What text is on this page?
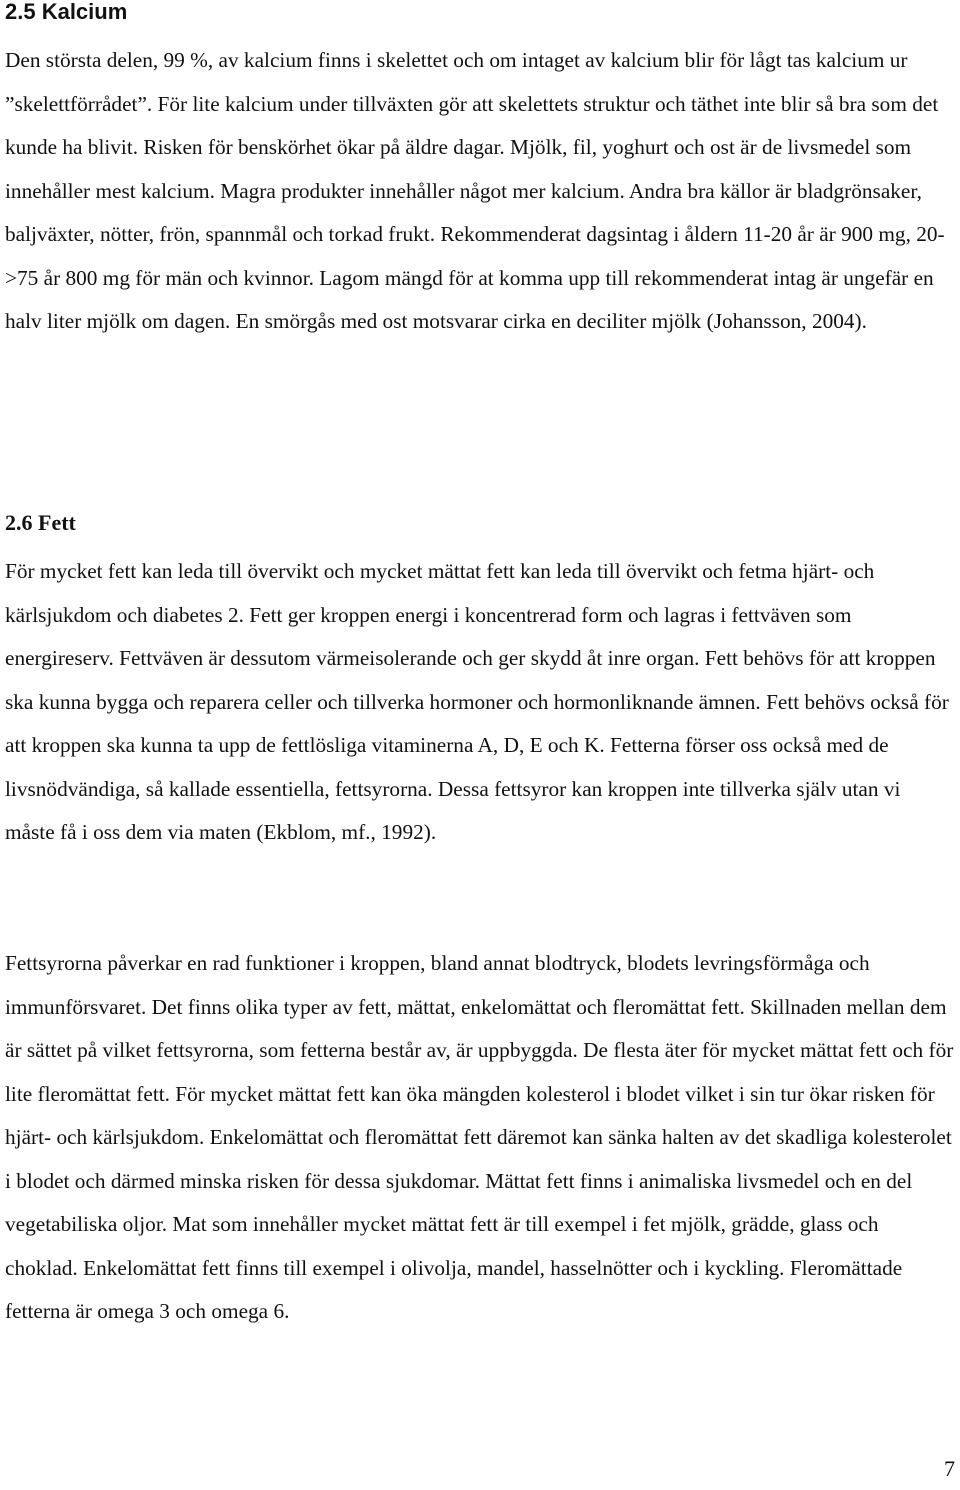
2.5 Kalcium

Den största delen, 99 %, av kalcium finns i skelettet och om intaget av kalcium blir för lågt tas kalcium ur ”skelettförrådet”. För lite kalcium under tillväxten gör att skelettets struktur och täthet inte blir så bra som det kunde ha blivit. Risken för benskörhet ökar på äldre dagar. Mjölk, fil, yoghurt och ost är de livsmedel som innehåller mest kalcium. Magra produkter innehåller något mer kalcium. Andra bra källor är bladgrönsaker, baljväxter, nötter, frön, spannmål och torkad frukt. Rekommenderat dagsintag i åldern 11-20 år är 900 mg, 20- >75 år 800 mg för män och kvinnor. Lagom mängd för at komma upp till rekommenderat intag är ungefär en halv liter mjölk om dagen. En smörgås med ost motsvarar cirka en deciliter mjölk (Johansson, 2004).

2.6 Fett

För mycket fett kan leda till övervikt och mycket mättat fett kan leda till övervikt och fetma hjärt- och kärlsjukdom och diabetes 2. Fett ger kroppen energi i koncentrerad form och lagras i fettväven som energireserv. Fettväven är dessutom värmeisolerande och ger skydd åt inre organ. Fett behövs för att kroppen ska kunna bygga och reparera celler och tillverka hormoner och hormonliknande ämnen. Fett behövs också för att kroppen ska kunna ta upp de fettlösliga vitaminerna A, D, E och K. Fetterna förser oss också med de livsnödvändiga, så kallade essentiella, fettsyrorna. Dessa fettsyror kan kroppen inte tillverka själv utan vi måste få i oss dem via maten (Ekblom, mf., 1992).

Fettsyrorna påverkar en rad funktioner i kroppen, bland annat blodtryck, blodets levringsförmåga och immunförsvaret. Det finns olika typer av fett, mättat, enkelomättat och fleromättat fett. Skillnaden mellan dem är sättet på vilket fettsyrorna, som fetterna består av, är uppbyggda. De flesta äter för mycket mättat fett och för lite fleromättat fett. För mycket mättat fett kan öka mängden kolesterol i blodet vilket i sin tur ökar risken för hjärt- och kärlsjukdom. Enkelomättat och fleromättat fett däremot kan sänka halten av det skadliga kolesterolet i blodet och därmed minska risken för dessa sjukdomar. Mättat fett finns i animaliska livsmedel och en del vegetabiliska oljor. Mat som innehåller mycket mättat fett är till exempel i fet mjölk, grädde, glass och choklad. Enkelomättat fett finns till exempel i olivolja, mandel, hasselnötter och i kyckling. Fleromättade fetterna är omega 3 och omega 6.

7
